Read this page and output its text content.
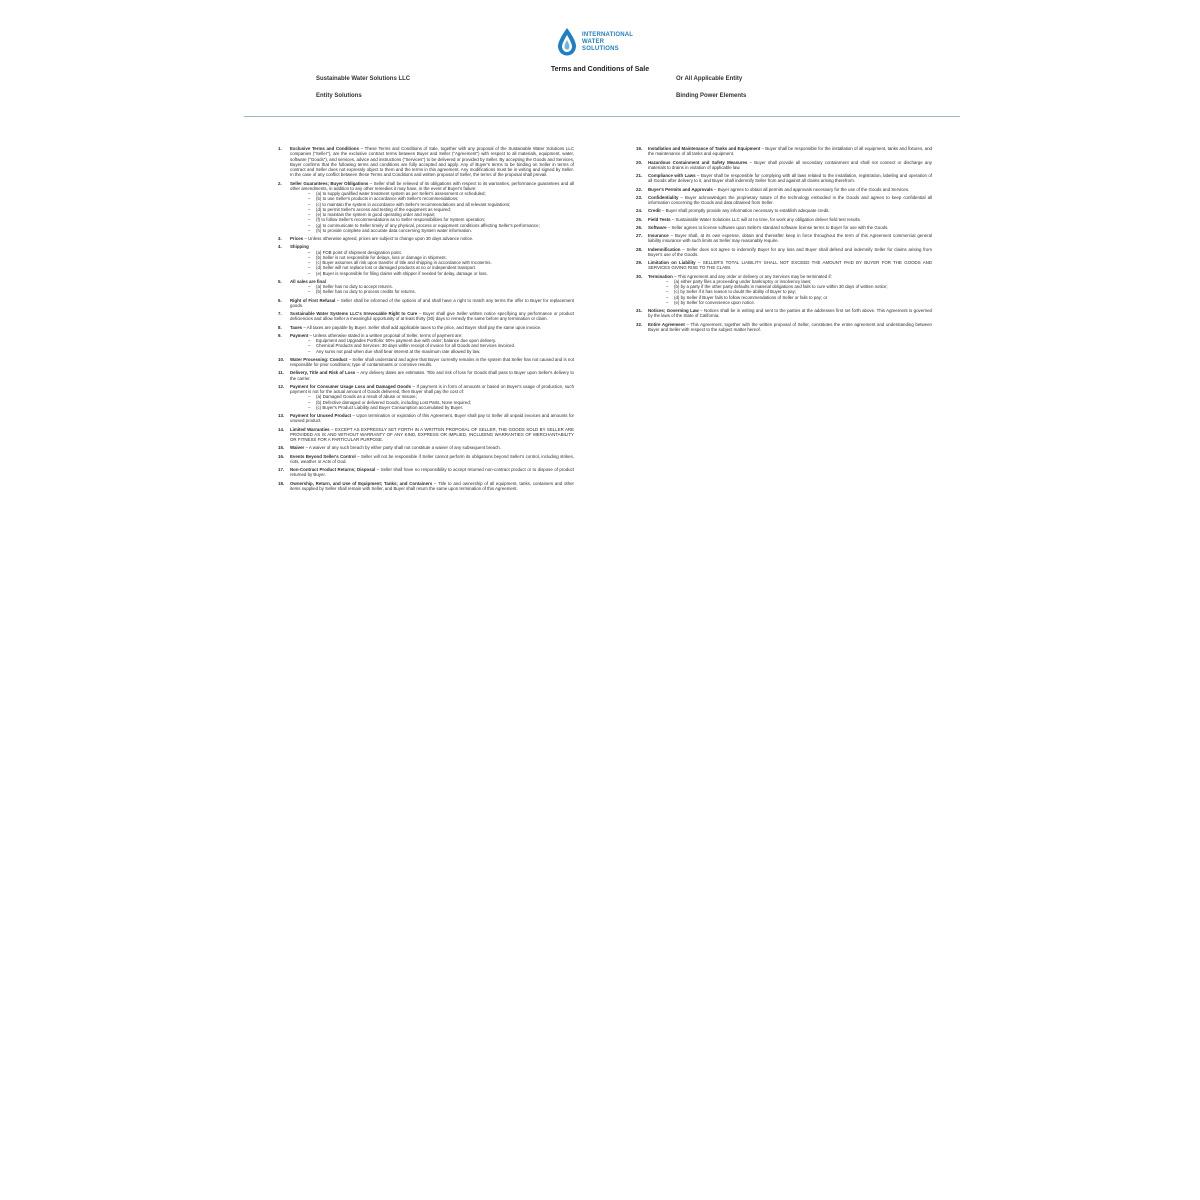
INTERNATIONAL
WATER
SOLUTIONS
Terms and Conditions of Sale
Sustainable Water Solutions LLC	Or All Applicable Entity
Entity Solutions	Binding Power Elements
1. Exclusive Terms and Conditions – These Terms and Conditions of Sale, together with any proposal of the Sustainable Water Solutions LLC companies ("Seller"), are the exclusive contract terms between Buyer and Seller ("Agreement") with respect to all materials, equipment, water, software ("Goods"), and services, advice and instructions ("Services") to be delivered or provided by Seller. By accepting the Goods and Services, Buyer confirms that the following terms and conditions are fully accepted and apply. Any of Buyer's terms to be binding on Seller in terms of contract and Seller does not expressly object to them and the terms in this agreement. Any modifications must be in writing and signed by Seller. In the case of any conflict between these Terms and Conditions and written proposal of Seller, the terms of the proposal shall prevail.
2. Seller Guarantees; Buyer Obligations – Seller shall be relieved of its obligations with respect to its warranties, performance guarantees and all other amendments, in addition to any other remedies it may have, in the event of Buyer's failure:
– (a) to supply qualified water treatment system as per Seller's assessment or scheduled;
– (b) to use Seller's products in accordance with Seller's recommendations;
– (c) to maintain the system in accordance with Seller's recommendations and all relevant regulations;
– (d) to permit Seller's access and testing of the equipment as required;
– (e) to maintain the system in good operating order and repair;
– (f) to follow Seller's recommendations as to Seller responsibilities for System operation;
– (g) to communicate to Seller timely of any physical, process or equipment conditions affecting Seller's performance;
– (h) to provide complete and accurate data concerning System water information.
3. Prices – Unless otherwise agreed, prices are subject to change upon 30 days advance notice.
4. Shipping
– (a) FOB point of shipment designation point.
– (b) Seller is not responsible for delays, loss or damage in shipment.
– (c) Buyer assumes all risk upon transfer of title and shipping in accordance with Incoterms.
– (d) Seller will not replace lost or damaged products at no or independent transport.
– (e) Buyer is responsible for filing claims with shipper if needed for delay, damage or loss.
5. All sales are final
– (a) Seller has no duty to accept returns.
– (b) Seller has no duty to process credits for returns.
6. Right of First Refusal – Seller shall be informed of the options of and shall have a right to match any terms the offer to Buyer for replacement goods.
7. Sustainable Water Systems LLC's Irrevocable Right to Cure – Buyer shall give Seller written notice specifying any performance or product deficiencies and allow Seller a meaningful opportunity of at least thirty (30) days to remedy the same before any termination or claim.
8. Taxes – All taxes are payable by Buyer. Seller shall add applicable taxes to the price, and Buyer shall pay the same upon invoice.
9. Payment – Unless otherwise stated in a written proposal of Seller, terms of payment are:
– Equipment and Upgrades Portfolio: 50% payment due with order; balance due upon delivery.
– Chemical Products and Services: 30 days within receipt of invoice for all Goods and Services invoiced.
– Any sums not paid when due shall bear interest at the maximum rate allowed by law.
10. Water Processing: Conduct – Seller shall understand and agree that Buyer currently remains in the system that Seller has not caused and is not responsible for prior conditions; type of contaminants or corrosive results.
11. Delivery, Title and Risk of Loss – Any delivery dates are estimates. Title and risk of loss for Goods shall pass to Buyer upon Seller's delivery to the carrier.
12. Payment for Consumer Usage Loss and Damaged Goods – If payment is in form of amounts or based on Buyer's usage of production, such payment is not for the actual amount of Goods delivered, then Buyer shall pay the cost of:
– (a) Damaged Goods as a result of abuse or misuse;
– (b) Defective damaged or delivered Goods, including Lost Parts, None required;
– (c) Buyer's Product Liability and Buyer Consumption accumulated by Buyer.
13. Payment for Unused Product – Upon termination or expiration of this Agreement, Buyer shall pay to Seller all unpaid invoices and amounts for unused product.
14. Limited Warranties – EXCEPT AS EXPRESSLY SET FORTH IN A WRITTEN PROPOSAL OF SELLER, THE GOODS SOLD BY SELLER ARE PROVIDED AS IS AND WITHOUT WARRANTY OF ANY KIND, EXPRESS OR IMPLIED, INCLUDING WARRANTIES OF MERCHANTABILITY OR FITNESS FOR A PARTICULAR PURPOSE.
15. Waiver – A waiver of any such breach by either party shall not constitute a waiver of any subsequent breach.
16. Events Beyond Seller's Control – Seller will not be responsible if Seller cannot perform its obligations beyond Seller's control, including strikes, riots, weather or Acts of God.
17. Non-Contract Product Returns; Disposal – Seller shall have no responsibility to accept returned non-contract product or to dispose of product returned by Buyer.
18. Ownership, Return, and Use of Equipment; Tanks; and Containers – Title to and ownership of all equipment, tanks, containers and other items supplied by Seller shall remain with Seller, and Buyer shall return the same upon termination of this Agreement.
19. Installation and Maintenance of Tanks and Equipment – Buyer shall be responsible for the installation of all equipment, tanks and fixtures, and the maintenance of all tanks and equipment.
20. Hazardous Containment and Safety Measures – Buyer shall provide all secondary containment and shall not connect or discharge any materials to drains in violation of applicable law.
21. Compliance with Laws – Buyer shall be responsible for complying with all laws related to the installation, registration, labeling and operation of all Goods after delivery to it, and Buyer shall indemnify Seller from and against all claims arising therefrom.
22. Buyer's Permits and Approvals – Buyer agrees to obtain all permits and approvals necessary for the use of the Goods and Services.
23. Confidentiality – Buyer acknowledges the proprietary nature of the technology embodied in the Goods and agrees to keep confidential all information concerning the Goods and data obtained from Seller.
24. Credit – Buyer shall promptly provide any information necessary to establish adequate credit.
25. Field Tests – Sustainable Water Solutions LLC will at no time, for work any obligation deliver field test results.
26. Software – Seller agrees to license software upon Seller's standard software license terms to Buyer for use with the Goods.
27. Insurance – Buyer shall, at its own expense, obtain and thereafter keep in force throughout the term of this Agreement commercial general liability insurance with such limits as Seller may reasonably require.
28. Indemnification – Seller does not agree to indemnify Buyer for any loss and Buyer shall defend and indemnify Seller for claims arising from Buyer's use of the Goods.
29. Limitation on Liability – SELLER'S TOTAL LIABILITY SHALL NOT EXCEED THE AMOUNT PAID BY BUYER FOR THE GOODS AND SERVICES GIVING RISE TO THE CLAIM.
30. Termination – This Agreement and any order or delivery or any Services may be terminated if:
– (a) either party files a proceeding under bankruptcy or insolvency laws;
– (b) by a party if the other party defaults in material obligations and fails to cure within 30 days of written notice;
– (c) by Seller if it has reason to doubt the ability of Buyer to pay;
– (d) by Seller if Buyer fails to follow recommendations of Seller or fails to pay; or
– (e) by Seller for convenience upon notice.
31. Notices; Governing Law – Notices shall be in writing and sent to the parties at the addresses first set forth above. This Agreement is governed by the laws of the State of California.
32. Entire Agreement – This Agreement, together with the written proposal of Seller, constitutes the entire agreement and understanding between Buyer and Seller with respect to the subject matter hereof.
